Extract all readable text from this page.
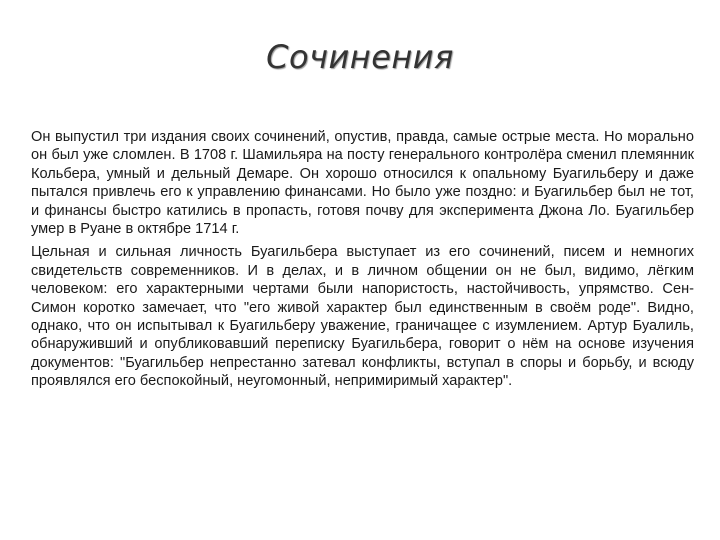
Сочинения

Он выпустил три издания своих сочинений, опустив, правда, самые острые места. Но морально он был уже сломлен. В 1708 г. Шамильяра на посту генерального контролёра сменил племянник Кольбера, умный и дельный Демаре. Он хорошо относился к опальному Буагильберу и даже пытался привлечь его к управлению финансами. Но было уже поздно: и Буагильбер был не тот, и финансы быстро катились в пропасть, готовя почву для эксперимента Джона Ло. Буагильбер умер в Руане в октябре 1714 г.

Цельная и сильная личность Буагильбера выступает из его сочинений, писем и немногих свидетельств современников. И в делах, и в личном общении он не был, видимо, лёгким человеком: его характерными чертами были напористость, настойчивость, упрямство. Сен-Симон коротко замечает, что "его живой характер был единственным в своём роде". Видно, однако, что он испытывал к Буагильберу уважение, граничащее с изумлением. Артур Буалиль, обнаруживший и опубликовавший переписку Буагильбера, говорит о нём на основе изучения документов: "Буагильбер непрестанно затевал конфликты, вступал в споры и борьбу, и всюду проявлялся его беспокойный, неугомонный, непримиримый характер".
